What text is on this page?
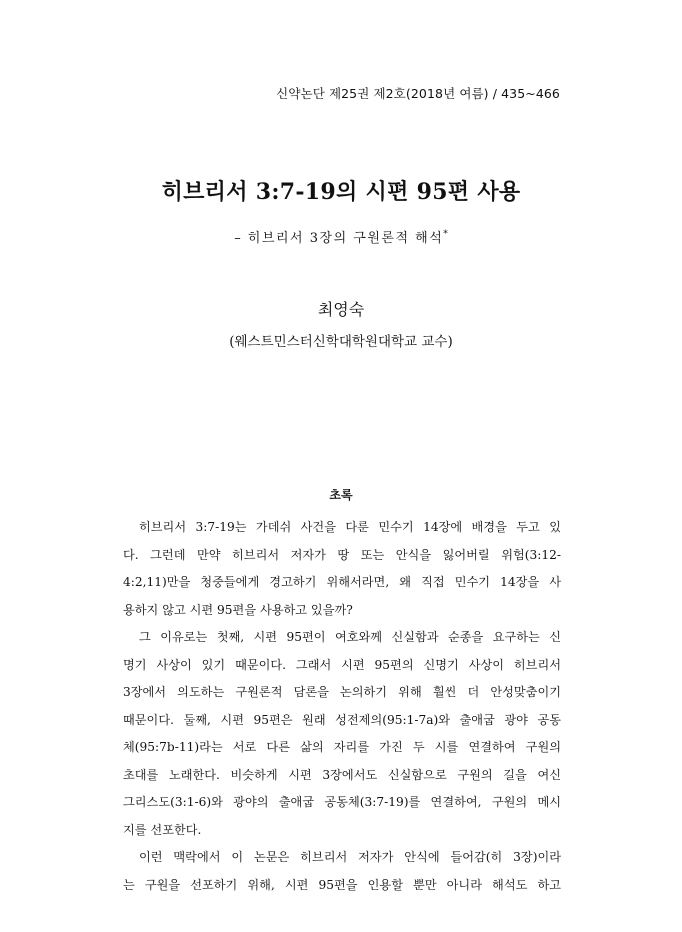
신약논단 제25권 제2호(2018년 여름) / 435~466
히브리서 3:7-19의 시편 95편 사용
– 히브리서 3장의 구원론적 해석*
최영숙
(웨스트민스터신학대학원대학교 교수)
초록
히브리서 3:7-19는 가데쉬 사건을 다룬 민수기 14장에 배경을 두고 있
다. 그런데 만약 히브리서 저자가 땅 또는 안식을 잃어버릴 위험(3:12-
4:2,11)만을 청중들에게 경고하기 위해서라면, 왜 직접 민수기 14장을 사
용하지 않고 시편 95편을 사용하고 있을까?
그 이유로는 첫째, 시편 95편이 여호와께 신실함과 순종을 요구하는 신
명기 사상이 있기 때문이다. 그래서 시편 95편의 신명기 사상이 히브리서
3장에서 의도하는 구원론적 담론을 논의하기 위해 훨씬 더 안성맞춤이기
때문이다. 둘째, 시편 95편은 원래 성전제의(95:1-7a)와 출애굽 광야 공동
체(95:7b-11)라는 서로 다른 삶의 자리를 가진 두 시를 연결하여 구원의
초대를 노래한다. 비슷하게 시편 3장에서도 신실함으로 구원의 길을 여신
그리스도(3:1-6)와 광야의 출애굽 공동체(3:7-19)를 연결하여, 구원의 메시
지를 선포한다.
이런 맥락에서 이 논문은 히브리서 저자가 안식에 들어감(히 3장)이라
는 구원을 선포하기 위해, 시편 95편을 인용할 뿐만 아니라 해석도 하고
